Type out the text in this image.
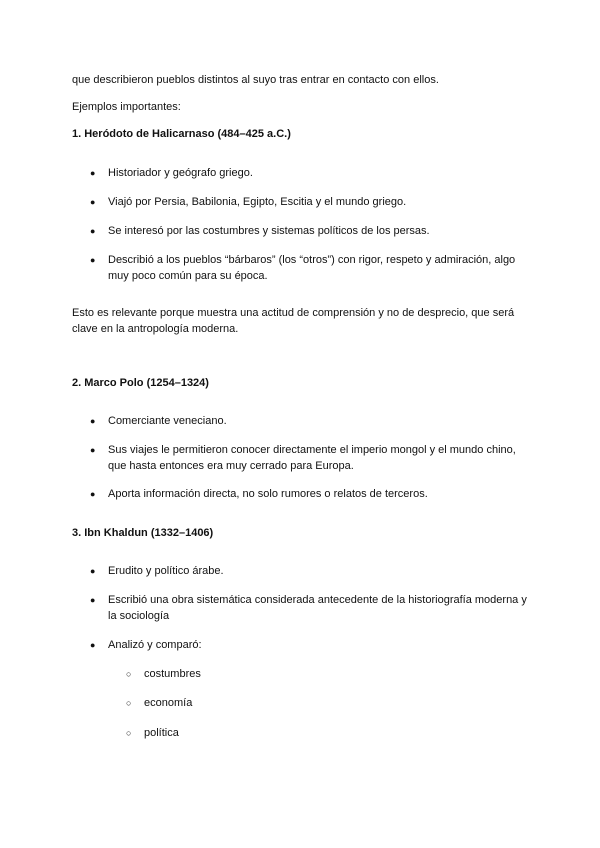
que describieron pueblos distintos al suyo tras entrar en contacto con ellos.

Ejemplos importantes:

1. Heródoto de Halicarnaso (484–425 a.C.)

●	Historiador y geógrafo griego.
●	Viajó por Persia, Babilonia, Egipto, Escitia y el mundo griego.
●	Se interesó por las costumbres y sistemas políticos de los persas.
●	Describió a los pueblos “bárbaros” (los “otros”) con rigor, respeto y admiración, algo muy poco común para su época.

Esto es relevante porque muestra una actitud de comprensión y no de desprecio, que será clave en la antropología moderna.

2. Marco Polo (1254–1324)

●	Comerciante veneciano.
●	Sus viajes le permitieron conocer directamente el imperio mongol y el mundo chino, que hasta entonces era muy cerrado para Europa.
●	Aporta información directa, no solo rumores o relatos de terceros.

3. Ibn Khaldun (1332–1406)

●	Erudito y político árabe.
●	Escribió una obra sistemática considerada antecedente de la historiografía moderna y la sociología
●	Analizó y comparó:
○	costumbres
○	economía
○	política
